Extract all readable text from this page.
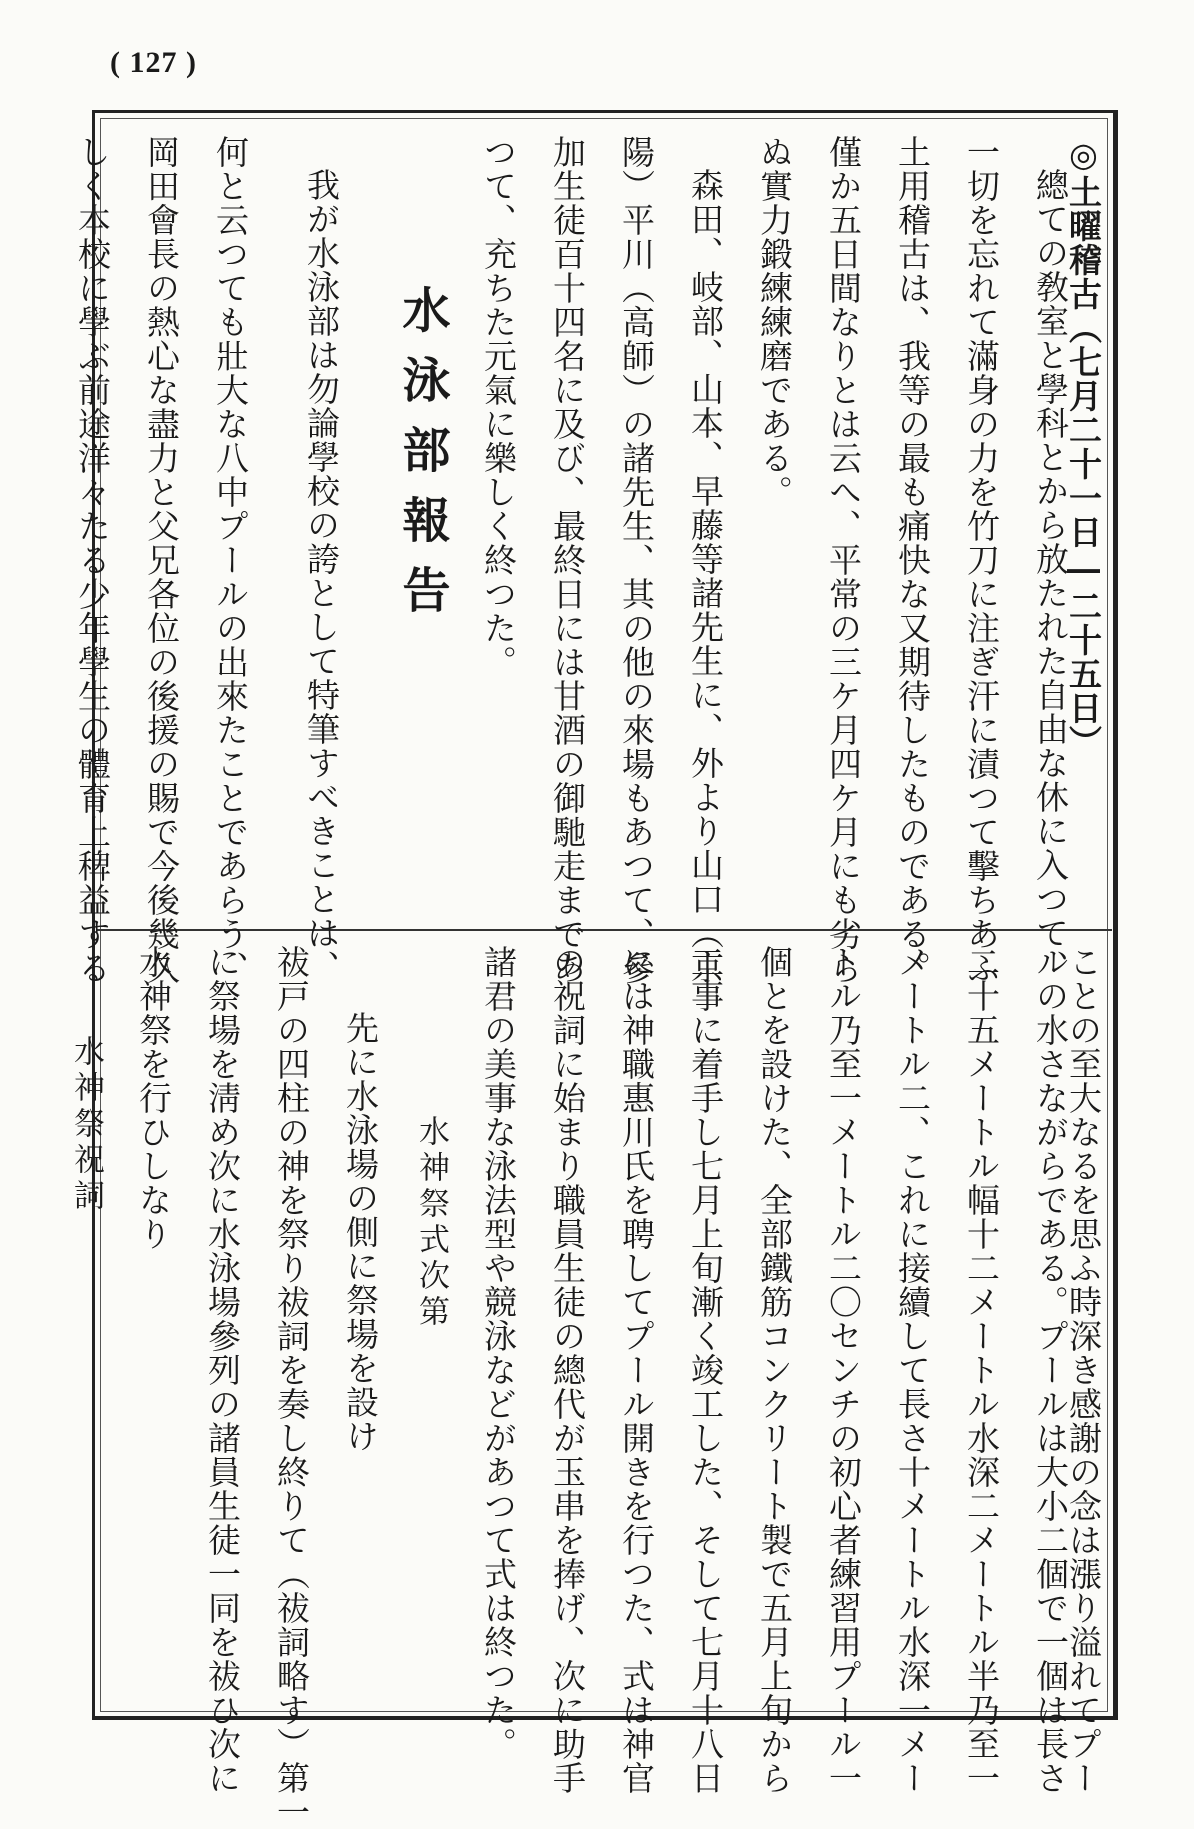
( 127 )
◎土曜稽古（七月二十一日―二十五日）
總ての敎室と學科とから放たれた自由な休に入つて、
一切を忘れて滿身の力を竹刀に注ぎ汗に漬つて擊ちあふ
土用稽古は、我等の最も痛快な又期待したものである。
僅か五日間なりとは云へ、平常の三ケ月四ケ月にも劣ら
ぬ實力鍛練練磨である。
森田、岐部、山本、早藤等諸先生に、外より山口（京
陽）平川（高師）の諸先生、其の他の來場もあつて、參
加生徒百十四名に及び、最終日には甘酒の御馳走まであ
つて、充ちた元氣に樂しく終つた。
水泳部報告
我が水泳部は勿論學校の誇として特筆すべきことは、
何と云つても壯大な八中プールの出來たことであらう、
岡田會長の熱心な盡力と父兄各位の後援の賜で今後幾久
しく本校に學ぶ前途洋々たる少年學生の體育上稗益する
ことの至大なるを思ふ時深き感謝の念は漲り溢れてプー
ルの水さながらである。プールは大小二個で一個は長さ
二十五メートル幅十二メートル水深二メートル半乃至一
メートル二、これに接續して長さ十メートル水深一メー
トル乃至一メートル二〇センチの初心者練習用プール一
個とを設けた、全部鐵筋コンクリート製で五月上旬から
工事に着手し七月上旬漸く竣工した、そして七月十八日
には神職惠川氏を聘してプール開きを行つた、式は神官
の祝詞に始まり職員生徒の總代が玉串を捧げ、次に助手
諸君の美事な泳法型や競泳などがあつて式は終つた。
水神祭式次第
先に水泳場の側に祭場を設け
祓戸の四柱の神を祭り祓詞を奏し終りて（祓詞略す）第一
に祭場を淸め次に水泳場參列の諸員生徒一同を祓ひ次に
水神祭を行ひしなり
水神祭祝詞
